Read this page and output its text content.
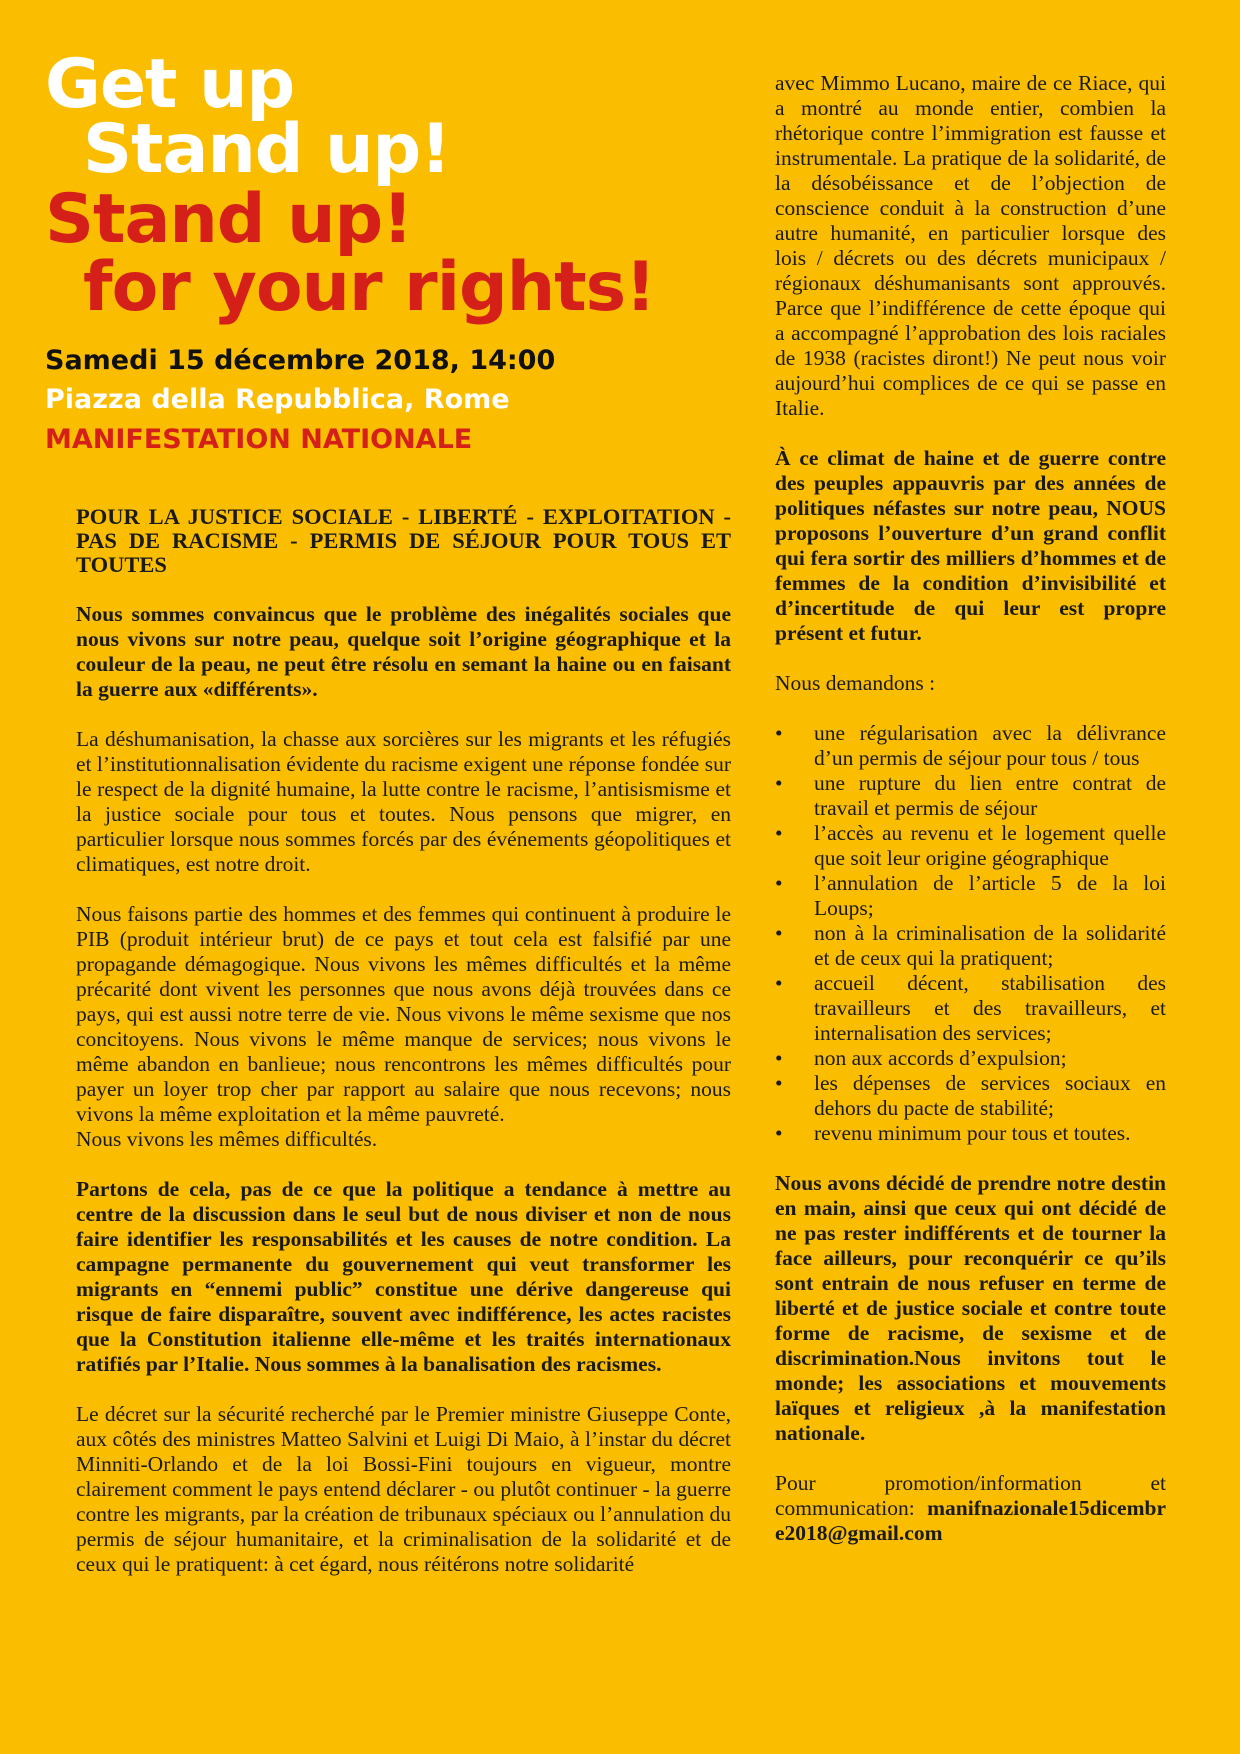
Get up
Stand up!
Stand up!
for your rights!
Samedi 15 décembre 2018, 14:00
Piazza della Repubblica, Rome
MANIFESTATION NATIONALE

POUR LA JUSTICE SOCIALE - LIBERTÉ - EXPLOITATION - PAS DE RACISME - PERMIS DE SÉJOUR POUR TOUS ET TOUTES

Nous sommes convaincus que le problème des inégalités sociales que nous vivons sur notre peau, quelque soit l’origine géographique et la couleur de la peau, ne peut être résolu en semant la haine ou en faisant la guerre aux «différents».

La déshumanisation, la chasse aux sorcières sur les migrants et les réfugiés et l’institutionnalisation évidente du racisme exigent une réponse fondée sur le respect de la dignité humaine, la lutte contre le racisme, l’antisismisme et la justice sociale pour tous et toutes. Nous pensons que migrer, en particulier lorsque nous sommes forcés par des événements géopolitiques et climatiques, est notre droit.

Nous faisons partie des hommes et des femmes qui continuent à produire le PIB (produit intérieur brut) de ce pays et tout cela est falsifié par une propagande démagogique. Nous vivons les mêmes difficultés et la même précarité dont vivent les personnes que nous avons déjà trouvées dans ce pays, qui est aussi notre terre de vie. Nous vivons le même sexisme que nos concitoyens. Nous vivons le même manque de services; nous vivons le même abandon en banlieue; nous rencontrons les mêmes difficultés pour payer un loyer trop cher par rapport au salaire que nous recevons; nous vivons la même exploitation et la même pauvreté.
Nous vivons les mêmes difficultés.

Partons de cela, pas de ce que la politique a tendance à mettre au centre de la discussion dans le seul but de nous diviser et non de nous faire identifier les responsabilités et les causes de notre condition. La campagne permanente du gouvernement qui veut transformer les migrants en “ennemi public” constitue une dérive dangereuse qui risque de faire disparaître, souvent avec indifférence, les actes racistes que la Constitution italienne elle-même et les traités internationaux ratifiés par l’Italie. Nous sommes à la banalisation des racismes.

Le décret sur la sécurité recherché par le Premier ministre Giuseppe Conte, aux côtés des ministres Matteo Salvini et Luigi Di Maio, à l’instar du décret Minniti-Orlando et de la loi Bossi-Fini toujours en vigueur, montre clairement comment le pays entend déclarer - ou plutôt continuer - la guerre contre les migrants, par la création de tribunaux spéciaux ou l’annulation du permis de séjour humanitaire, et la criminalisation de la solidarité et de ceux qui le pratiquent: à cet égard, nous réitérons notre solidarité

avec Mimmo Lucano, maire de ce Riace, qui a montré au monde entier, combien la rhétorique contre l’immigration est fausse et instrumentale. La pratique de la solidarité, de la désobéissance et de l’objection de conscience conduit à la construction d’une autre humanité, en particulier lorsque des lois / décrets ou des décrets municipaux / régionaux déshumanisants sont approuvés. Parce que l’indifférence de cette époque qui a accompagné l’approbation des lois raciales de 1938 (racistes diront!) Ne peut nous voir aujourd’hui complices de ce qui se passe en Italie.

À ce climat de haine et de guerre contre des peuples appauvris par des années de politiques néfastes sur notre peau, NOUS proposons l’ouverture d’un grand conflit qui fera sortir des milliers d’hommes et de femmes de la condition d’invisibilité et d’incertitude de qui leur est propre présent et futur.

Nous demandons :

• une régularisation avec la délivrance d’un permis de séjour pour tous / tous
• une rupture du lien entre contrat de travail et permis de séjour
• l’accès au revenu et le logement quelle que soit leur origine géographique
• l’annulation de l’article 5 de la loi Loups;
• non à la criminalisation de la solidarité et de ceux qui la pratiquent;
• accueil décent, stabilisation des travailleurs et des travailleurs, et internalisation des services;
• non aux accords d’expulsion;
• les dépenses de services sociaux en dehors du pacte de stabilité;
• revenu minimum pour tous et toutes.

Nous avons décidé de prendre notre destin en main, ainsi que ceux qui ont décidé de ne pas rester indifférents et de tourner la face ailleurs, pour reconquérir ce qu’ils sont entrain de nous refuser en terme de liberté et de justice sociale et contre toute forme de racisme, de sexisme et de discrimination.Nous invitons tout le monde; les associations et mouvements laïques et religieux ,à la manifestation nationale.

Pour promotion/information et communication: manifnazionale15dicembre2018@gmail.com
